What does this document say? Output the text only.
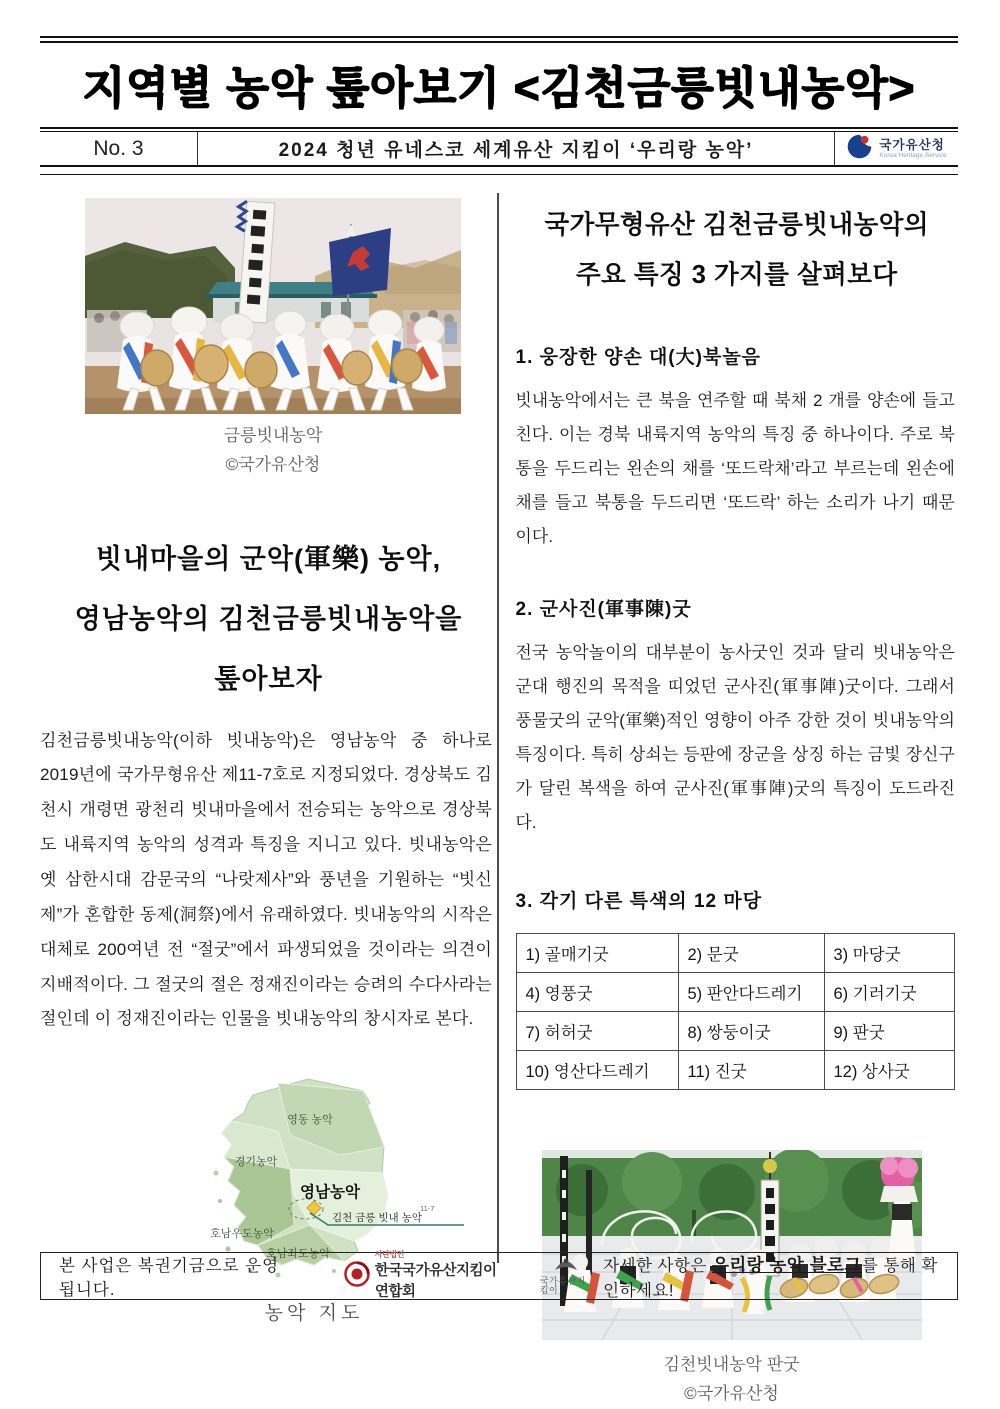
지역별 농악 톺아보기 <김천금릉빗내농악>
No. 3	2024 청년 유네스코 세계유산 지킴이 ‘우리랑 농악’	국가유산청
Korea Heritage Service
금릉빗내농악
©국가유산청
빗내마을의 군악(軍樂) 농악,
영남농악의 김천금릉빗내농악을
톺아보자
김천금릉빗내농악(이하 빗내농악)은 영남농악 중 하나로 2019년에 국가무형유산 제11-7호로 지정되었다. 경상북도 김천시 개령면 광천리 빗내마을에서 전승되는 농악으로 경상북도 내륙지역 농악의 성격과 특징을 지니고 있다. 빗내농악은 옛 삼한시대 감문국의 “나랏제사”와 풍년을 기원하는 “빗신제”가 혼합한 동제(洞祭)에서 유래하였다. 빗내농악의 시작은 대체로 200여년 전 “절굿”에서 파생되었을 것이라는 의견이 지배적이다. 그 절굿의 절은 정재진이라는 승려의 수다사라는 절인데 이 정재진이라는 인물을 빗내농악의 창시자로 본다.
영동 농악
경기농악
영남농악
호남우도농악
호남좌도농악
11-7
김천 금릉 빗내 농악
농악 지도
국가무형유산 김천금릉빗내농악의
주요 특징 3 가지를 살펴보다
1. 웅장한 양손 대(大)북놀음
빗내농악에서는 큰 북을 연주할 때 북채 2 개를 양손에 들고 친다. 이는 경북 내륙지역 농악의 특징 중 하나이다. 주로 북통을 두드리는 왼손의 채를 ‘또드락채’라고 부르는데 왼손에 채를 들고 북통을 두드리면 ‘또드락’ 하는 소리가 나기 때문이다.
2. 군사진(軍事陳)굿
전국 농악놀이의 대부분이 농사굿인 것과 달리 빗내농악은 군대 행진의 목적을 띠었던 군사진(軍事陣)굿이다. 그래서 풍물굿의 군악(軍樂)적인 영향이 아주 강한 것이 빗내농악의 특징이다. 특히 상쇠는 등판에 장군을 상징 하는 금빛 장신구가 달린 복색을 하여 군사진(軍事陣)굿의 특징이 도드라진다.
3. 각기 다른 특색의 12 마당
1) 골매기굿	2) 문굿	3) 마당굿
4) 영풍굿	5) 판안다드레기	6) 기러기굿
7) 허허굿	8) 쌍둥이굿	9) 판굿
10) 영산다드레기	11) 진굿	12) 상사굿
김천빗내농악 판굿
©국가유산청
본 사업은 복권기금으로 운영됩니다.
사단법인
한국국가유산지킴이연합회
국가유산지킴이
자세한 사항은 우리랑 농악 블로그를 통해 확인하세요!
